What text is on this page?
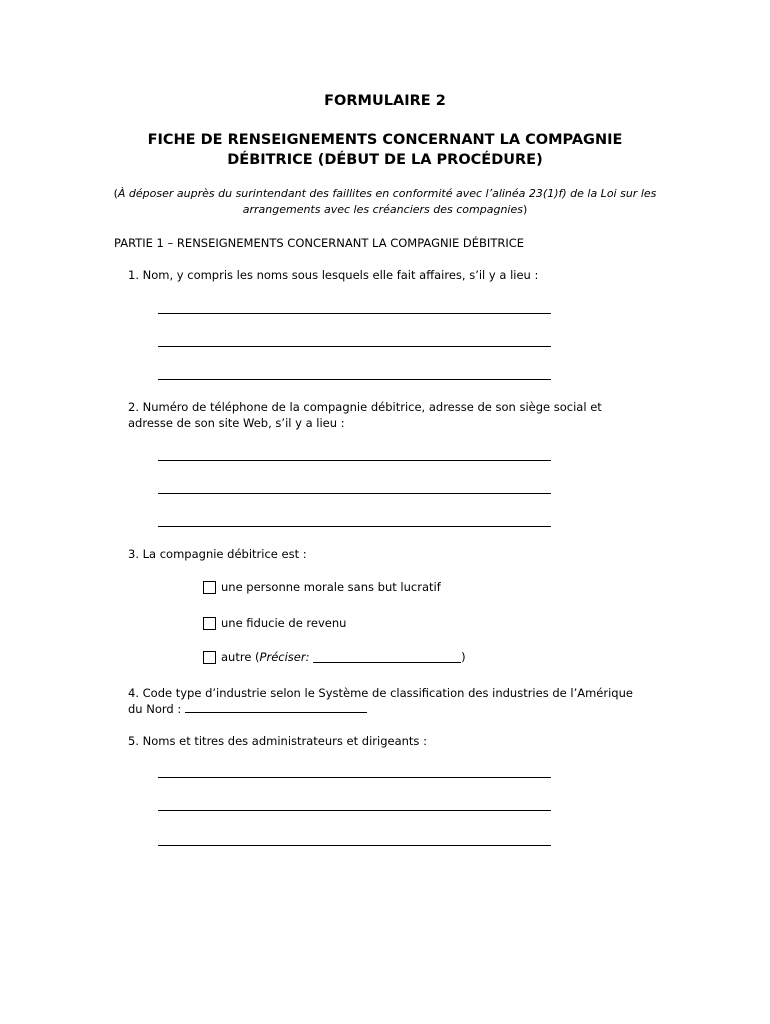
FORMULAIRE 2
FICHE DE RENSEIGNEMENTS CONCERNANT LA COMPAGNIE
DÉBITRICE (DÉBUT DE LA PROCÉDURE)
(À déposer auprès du surintendant des faillites en conformité avec l’alinéa 23(1)f) de la Loi sur les arrangements avec les créanciers des compagnies)
PARTIE 1 – RENSEIGNEMENTS CONCERNANT LA COMPAGNIE DÉBITRICE
1. Nom, y compris les noms sous lesquels elle fait affaires, s’il y a lieu :
2. Numéro de téléphone de la compagnie débitrice, adresse de son siège social et
adresse de son site Web, s’il y a lieu :
3. La compagnie débitrice est :
une personne morale sans but lucratif
une fiducie de revenu
autre ( Préciser:
	)
4. Code type d’industrie selon le Système de classification des industries de l’Amérique
du Nord :
5. Noms et titres des administrateurs et dirigeants :
